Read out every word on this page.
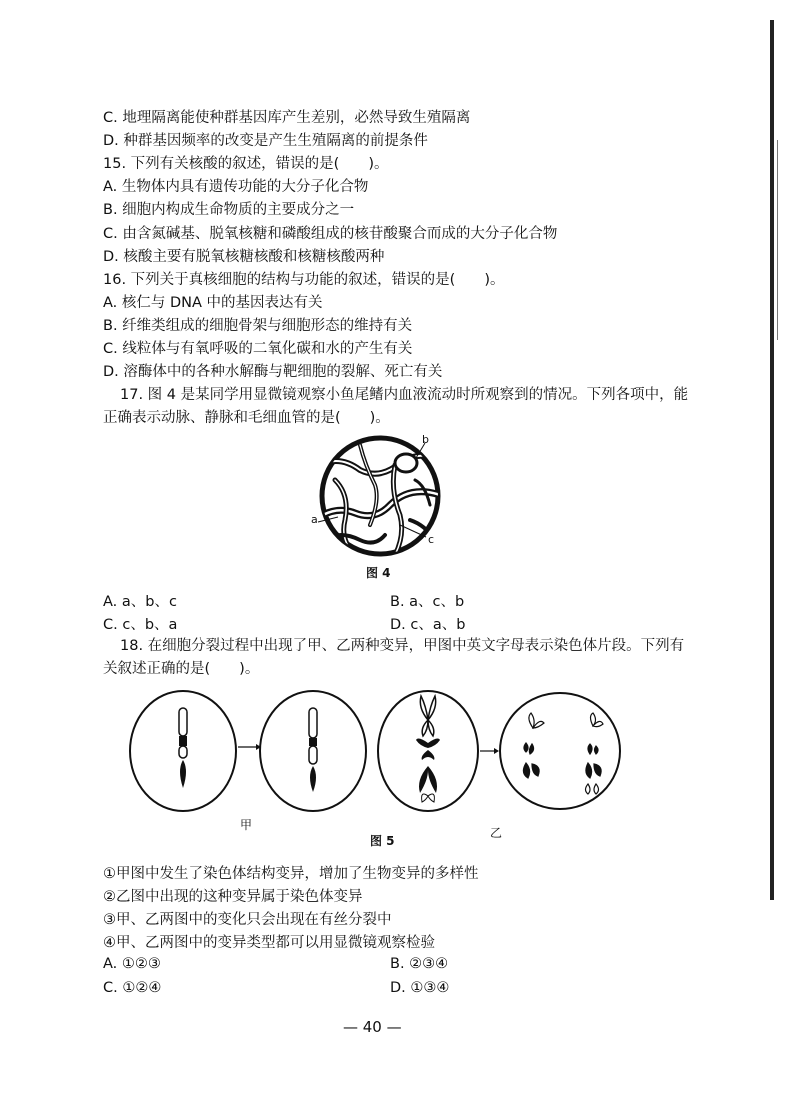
C. 地理隔离能使种群基因库产生差别，必然导致生殖隔离
D. 种群基因频率的改变是产生生殖隔离的前提条件
15. 下列有关核酸的叙述，错误的是(　　)。
A. 生物体内具有遗传功能的大分子化合物
B. 细胞内构成生命物质的主要成分之一
C. 由含氮碱基、脱氧核糖和磷酸组成的核苷酸聚合而成的大分子化合物
D. 核酸主要有脱氧核糖核酸和核糖核酸两种
16. 下列关于真核细胞的结构与功能的叙述，错误的是(　　)。
A. 核仁与 DNA 中的基因表达有关
B. 纤维类组成的细胞骨架与细胞形态的维持有关
C. 线粒体与有氧呼吸的二氧化碳和水的产生有关
D. 溶酶体中的各种水解酶与靶细胞的裂解、死亡有关
17. 图 4 是某同学用显微镜观察小鱼尾鳍内血液流动时所观察到的情况。下列各项中，能
正确表示动脉、静脉和毛细血管的是(　　)。
b
a
c
图 4
A. a、b、c	B. a、c、b
C. c、b、a	D. c、a、b
18. 在细胞分裂过程中出现了甲、乙两种变异，甲图中英文字母表示染色体片段。下列有
关叙述正确的是(　　)。
甲
乙
图 5
①甲图中发生了染色体结构变异，增加了生物变异的多样性
②乙图中出现的这种变异属于染色体变异
③甲、乙两图中的变化只会出现在有丝分裂中
④甲、乙两图中的变异类型都可以用显微镜观察检验
A. ①②③	B. ②③④
C. ①②④	D. ①③④
— 40 —
